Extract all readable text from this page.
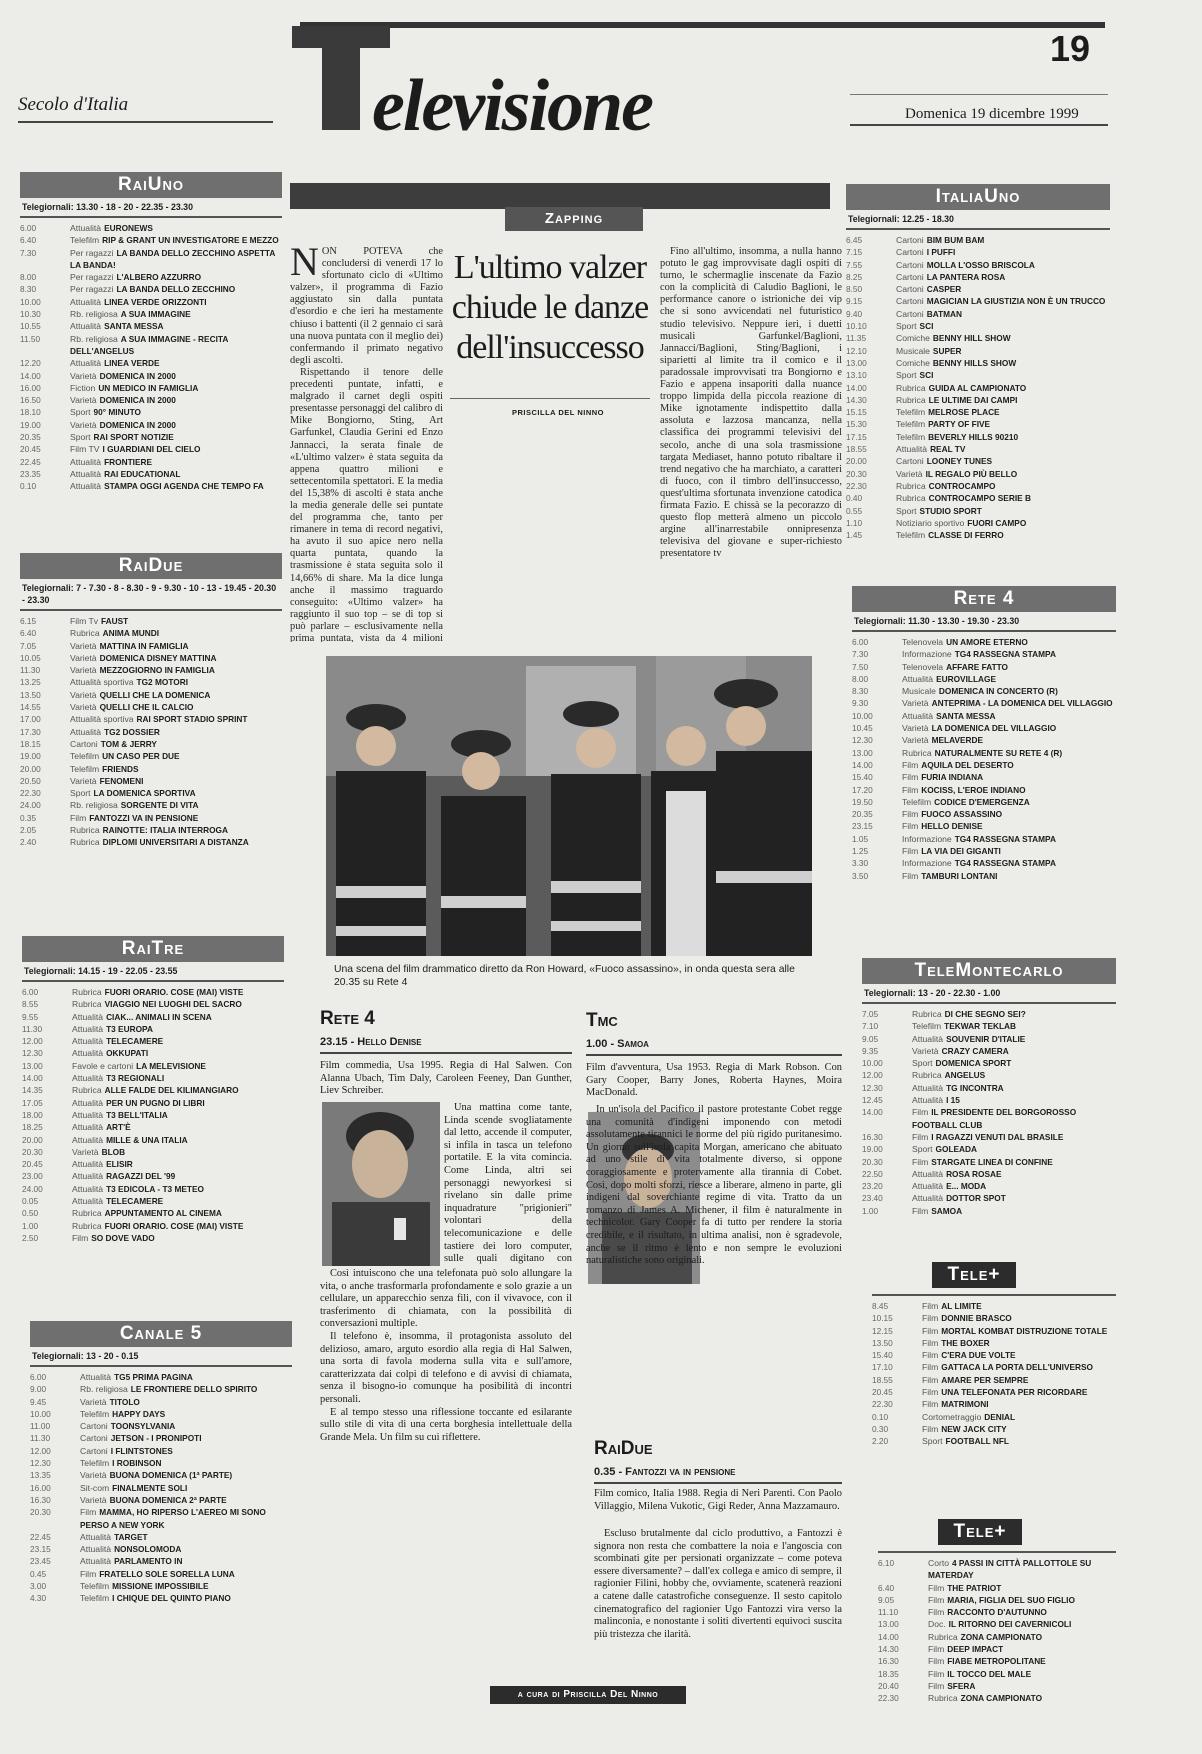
19
Secolo d'Italia	elevisione	Domenica 19 dicembre 1999
RaiUno
Telegiornali: 13.30 - 18 - 20 - 22.35 - 23.30
6.00	Attualità EURONEWS
6.40	Telefilm RIP & GRANT UN INVESTIGATORE E MEZZO
7.30	Per ragazzi LA BANDA DELLO ZECCHINO ASPETTA LA BANDA!
8.00	Per ragazzi L'ALBERO AZZURRO
8.30	Per ragazzi LA BANDA DELLO ZECCHINO
10.00	Attualità LINEA VERDE ORIZZONTI
10.30	Rb. religiosa A SUA IMMAGINE
10.55	Attualità SANTA MESSA
11.50	Rb. religiosa A SUA IMMAGINE - RECITA DELL'ANGELUS
12.20	Attualità LINEA VERDE
14.00	Varietà DOMENICA IN 2000
16.00	Fiction UN MEDICO IN FAMIGLIA
16.50	Varietà DOMENICA IN 2000
18.10	Sport 90° MINUTO
19.00	Varietà DOMENICA IN 2000
20.35	Sport RAI SPORT NOTIZIE
20.45	Film TV I GUARDIANI DEL CIELO
22.45	Attualità FRONTIERE
23.35	Attualità RAI EDUCATIONAL
0.10	Attualità STAMPA OGGI AGENDA CHE TEMPO FA
RaiDue
Telegiornali: 7 - 7.30 - 8 - 8.30 - 9 - 9.30 - 10 - 13 - 19.45 - 20.30 - 23.30
6.15	Film Tv FAUST
6.40	Rubrica ANIMA MUNDI
7.05	Varietà MATTINA IN FAMIGLIA
10.05	Varietà DOMENICA DISNEY MATTINA
11.30	Varietà MEZZOGIORNO IN FAMIGLIA
13.25	Attualità sportiva TG2 MOTORI
13.50	Varietà QUELLI CHE LA DOMENICA
14.55	Varietà QUELLI CHE IL CALCIO
17.00	Attualità sportiva RAI SPORT STADIO SPRINT
17.30	Attualità TG2 DOSSIER
18.15	Cartoni TOM & JERRY
19.00	Telefilm UN CASO PER DUE
20.00	Telefilm FRIENDS
20.50	Varietà FENOMENI
22.30	Sport LA DOMENICA SPORTIVA
24.00	Rb. religiosa SORGENTE DI VITA
0.35	Film FANTOZZI VA IN PENSIONE
2.05	Rubrica RAINOTTE: ITALIA INTERROGA
2.40	Rubrica DIPLOMI UNIVERSITARI A DISTANZA
RaiTre
Telegiornali: 14.15 - 19 - 22.05 - 23.55
6.00	Rubrica FUORI ORARIO. COSE (MAI) VISTE
8.55	Rubrica VIAGGIO NEI LUOGHI DEL SACRO
9.55	Attualità CIAK... ANIMALI IN SCENA
11.30	Attualità T3 EUROPA
12.00	Attualità TELECAMERE
12.30	Attualità OKKUPATI
13.00	Favole e cartoni LA MELEVISIONE
14.00	Attualità T3 REGIONALI
14.35	Rubrica ALLE FALDE DEL KILIMANGIARO
17.05	Attualità PER UN PUGNO DI LIBRI
18.00	Attualità T3 BELL'ITALIA
18.25	Attualità ART'È
20.00	Attualità MILLE & UNA ITALIA
20.30	Varietà BLOB
20.45	Attualità ELISIR
23.00	Attualità RAGAZZI DEL '99
24.00	Attualità T3 EDICOLA - T3 METEO
0.05	Attualità TELECAMERE
0.50	Rubrica APPUNTAMENTO AL CINEMA
1.00	Rubrica FUORI ORARIO. COSE (MAI) VISTE
2.50	Film SO DOVE VADO
Canale 5
Telegiornali: 13 - 20 - 0.15
6.00	Attualità TG5 PRIMA PAGINA
9.00	Rb. religiosa LE FRONTIERE DELLO SPIRITO
9.45	Varietà TITOLO
10.00	Telefilm HAPPY DAYS
11.00	Cartoni TOONSYLVANIA
11.30	Cartoni JETSON - I PRONIPOTI
12.00	Cartoni I FLINTSTONES
12.30	Telefilm I ROBINSON
13.35	Varietà BUONA DOMENICA (1ª PARTE)
16.00	Sit-com FINALMENTE SOLI
16.30	Varietà BUONA DOMENICA 2ª PARTE
20.30	Film MAMMA, HO RIPERSO L'AEREO MI SONO PERSO A NEW YORK
22.45	Attualità TARGET
23.15	Attualità NONSOLOMODA
23.45	Attualità PARLAMENTO IN
0.45	Film FRATELLO SOLE SORELLA LUNA
3.00	Telefilm MISSIONE IMPOSSIBILE
4.30	Telefilm I CHIQUE DEL QUINTO PIANO
ItaliaUno
Telegiornali: 12.25 - 18.30
6.45	Cartoni BIM BUM BAM
7.15	Cartoni I PUFFI
7.55	Cartoni MOLLA L'OSSO BRISCOLA
8.25	Cartoni LA PANTERA ROSA
8.50	Cartoni CASPER
9.15	Cartoni MAGICIAN LA GIUSTIZIA NON È UN TRUCCO
9.40	Cartoni BATMAN
10.10	Sport SCI
11.35	Comiche BENNY HILL SHOW
12.10	Musicale SUPER
13.00	Comiche BENNY HILLS SHOW
13.10	Sport SCI
14.00	Rubrica GUIDA AL CAMPIONATO
14.30	Rubrica LE ULTIME DAI CAMPI
15.15	Telefilm MELROSE PLACE
15.30	Telefilm PARTY OF FIVE
17.15	Telefilm BEVERLY HILLS 90210
18.55	Attualità REAL TV
20.00	Cartoni LOONEY TUNES
20.30	Varietà IL REGALO PIÙ BELLO
22.30	Rubrica CONTROCAMPO
0.40	Rubrica CONTROCAMPO SERIE B
0.55	Sport STUDIO SPORT
1.10	Notiziario sportivo FUORI CAMPO
1.45	Telefilm CLASSE DI FERRO
Rete 4
Telegiornali: 11.30 - 13.30 - 19.30 - 23.30
6.00	Telenovela UN AMORE ETERNO
7.30	Informazione TG4 RASSEGNA STAMPA
7.50	Telenovela AFFARE FATTO
8.00	Attualità EUROVILLAGE
8.30	Musicale DOMENICA IN CONCERTO (R)
9.30	Varietà ANTEPRIMA - LA DOMENICA DEL VILLAGGIO
10.00	Attualità SANTA MESSA
10.45	Varietà LA DOMENICA DEL VILLAGGIO
12.30	Varietà MELAVERDE
13.00	Rubrica NATURALMENTE SU RETE 4 (R)
14.00	Film AQUILA DEL DESERTO
15.40	Film FURIA INDIANA
17.20	Film KOCISS, L'EROE INDIANO
19.50	Telefilm CODICE D'EMERGENZA
20.35	Film FUOCO ASSASSINO
23.15	Film HELLO DENISE
1.05	Informazione TG4 RASSEGNA STAMPA
1.25	Film LA VIA DEI GIGANTI
3.30	Informazione TG4 RASSEGNA STAMPA
3.50	Film TAMBURI LONTANI
TeleMontecarlo
Telegiornali: 13 - 20 - 22.30 - 1.00
7.05	Rubrica DI CHE SEGNO SEI?
7.10	Telefilm TEKWAR TEKLAB
9.05	Attualità SOUVENIR D'ITALIE
9.35	Varietà CRAZY CAMERA
10.00	Sport DOMENICA SPORT
12.00	Rubrica ANGELUS
12.30	Attualità TG INCONTRA
12.45	Attualità I 15
14.00	Film IL PRESIDENTE DEL BORGOROSSO FOOTBALL CLUB
16.30	Film I RAGAZZI VENUTI DAL BRASILE
19.00	Sport GOLEADA
20.30	Film STARGATE LINEA DI CONFINE
22.50	Attualità ROSA ROSAE
23.20	Attualità E... MODA
23.40	Attualità DOTTOR SPOT
1.00	Film SAMOA
Tele+
8.45	Film AL LIMITE
10.15	Film DONNIE BRASCO
12.15	Film MORTAL KOMBAT DISTRUZIONE TOTALE
13.50	Film THE BOXER
15.40	Film C'ERA DUE VOLTE
17.10	Film GATTACA LA PORTA DELL'UNIVERSO
18.55	Film AMARE PER SEMPRE
20.45	Film UNA TELEFONATA PER RICORDARE
22.30	Film MATRIMONI
0.10	Cortometraggio DENIAL
0.30	Film NEW JACK CITY
2.20	Sport FOOTBALL NFL
Tele+
6.10	Corto 4 PASSI IN CITTÀ PALLOTTOLE SU MATERDAY
6.40	Film THE PATRIOT
9.05	Film MARIA, FIGLIA DEL SUO FIGLIO
11.10	Film RACCONTO D'AUTUNNO
13.00	Doc. IL RITORNO DEI CAVERNICOLI
14.00	Rubrica ZONA CAMPIONATO
14.30	Film DEEP IMPACT
16.30	Film FIABE METROPOLITANE
18.35	Film IL TOCCO DEL MALE
20.40	Film SFERA
22.30	Rubrica ZONA CAMPIONATO
Zapping
NON POTEVA che concludersi di venerdì 17 lo sfortunato ciclo di «Ultimo valzer», il programma di Fazio aggiustato sin dalla puntata d'esordio e che ieri ha mestamente chiuso i battenti (il 2 gennaio ci sarà una nuova puntata con il meglio dei) confermando il primato negativo degli ascolti.

Rispettando il tenore delle precedenti puntate, infatti, e malgrado il carnet degli ospiti presentasse personaggi del calibro di Mike Bongiorno, Sting, Art Garfunkel, Claudia Gerini ed Enzo Jannacci, la serata finale de «L'ultimo valzer» è stata seguita da appena quattro milioni e settecentomila spettatori. E la media del 15,38% di ascolti è stata anche la media generale delle sei puntate del programma che, tanto per rimanere in tema di record negativi, ha avuto il suo apice nero nella quarta puntata, quando la trasmissione è stata seguita solo il 14,66% di share. Ma la dice lunga anche il massimo traguardo conseguito: «Ultimo valzer» ha raggiunto il suo top – se di top si può parlare – esclusivamente nella prima puntata, vista da 4 milioni

L'ultimo valzer chiude le danze dell'insuccesso
PRISCILLA DEL NINNO

Fino all'ultimo, insomma, a nulla hanno potuto le gag improvvisate dagli ospiti di turno, le schermaglie inscenate da Fazio con la complicità di Caludio Baglioni, le performance canore o istrioniche dei vip che si sono avvicendati nel futuristico studio televisivo. Neppure ieri, i duetti musicali Garfunkel/Baglioni, Jannacci/Baglioni, Sting/Baglioni, i siparietti al limite tra il comico e il paradossale improvvisati tra Bongiorno e Fazio e appena insaporiti dalla nuance troppo limpida della piccola reazione di Mike ignotamente indispettito dalla assoluta e lazzosa mancanza, nella classifica dei programmi televisivi del secolo, anche di una sola trasmissione targata Mediaset, hanno potuto ribaltare il trend negativo che ha marchiato, a caratteri di fuoco, con il timbro dell'insuccesso, quest'ultima sfortunata invenzione catodica firmata Fazio. E chissà se la pecorazzo di questo flop metterà almeno un piccolo argine all'inarrestabile onnipresenza televisiva del giovane e super-richiesto presentatore tv

Una scena del film drammatico diretto da Ron Howard, «Fuoco assassino», in onda questa sera alle 20.35 su Rete 4
Rete 4
23.15 - Hello Denise
Film commedia, Usa 1995. Regia di Hal Salwen. Con Alanna Ubach, Tim Daly, Caroleen Feeney, Dan Gunther, Liev Schreiber.

Una mattina come tante, Linda scende svogliatamente dal letto, accende il computer, si infila in tasca un telefono portatile. E la vita comincia. Come Linda, altri sei personaggi newyorkesi si rivelano sin dalle prime inquadrature "prigionieri" volontari della telecomunicazione e delle tastiere dei loro computer, sulle quali digitano con

Così intuiscono che una telefonata può solo allungare la vita, o anche trasformarla profondamente e solo grazie a un cellulare, un apparecchio senza fili, con il vivavoce, con il trasferimento di chiamata, con la possibilità di conversazioni multiple.

Il telefono è, insomma, il protagonista assoluto del delizioso, amaro, arguto esordio alla regia di Hal Salwen, una sorta di favola moderna sulla vita e sull'amore, caratterizzata dai colpi di telefono e di avvisi di chiamata, senza il bisogno-io comunque ha posibilità di incontri personali.

E al tempo stesso una riflessione toccante ed esilarante sullo stile di vita di una certa borghesia intellettuale della Grande Mela. Un film su cui riflettere.

Tmc
1.00 - Samoa
Film d'avventura, Usa 1953. Regia di Mark Robson. Con Gary Cooper, Barry Jones, Roberta Haynes, Moira MacDonald.

In un'isola del Pacifico il pastore protestante Cobet regge una comunità d'indigeni imponendo con metodi assolutamente tirannici le norme del più rigido puritanesimo. Un giorno sull'isola capita Morgan, americano che abituato ad uno stile di vita totalmente diverso, si oppone coraggiosamente e protervamente alla tirannia di Cobet. Così, dopo molti sforzi, riesce a liberare, almeno in parte, gli indigeni dal soverchiante regime di vita. Tratto da un romanzo di James A. Michener, il film è naturalmente in technicolor. Gary Cooper fa di tutto per rendere la storia credibile, e il risultato, in ultima analisi, non è sgradevole, anche se il ritmo è lento e non sempre le evoluzioni naturalistiche sono originali.

RaiDue
0.35 - Fantozzi va in pensione
Film comico, Italia 1988. Regia di Neri Parenti. Con Paolo Villaggio, Milena Vukotic, Gigi Reder, Anna Mazzamauro.

Escluso brutalmente dal ciclo produttivo, a Fantozzi è signora non resta che combattere la noia e l'angoscia con scombinati gite per persionati organizzate – come poteva essere diversamente? – dall'ex collega e amico di sempre, il ragionier Filini, hobby che, ovviamente, scatenerà reazioni a catene dalle catastrofiche conseguenze. Il sesto capitolo cinematografico del ragionier Ugo Fantozzi vira verso la malinconia, e nonostante i soliti divertenti equivoci suscita più tristezza che ilarità.

a cura di Priscilla Del Ninno
